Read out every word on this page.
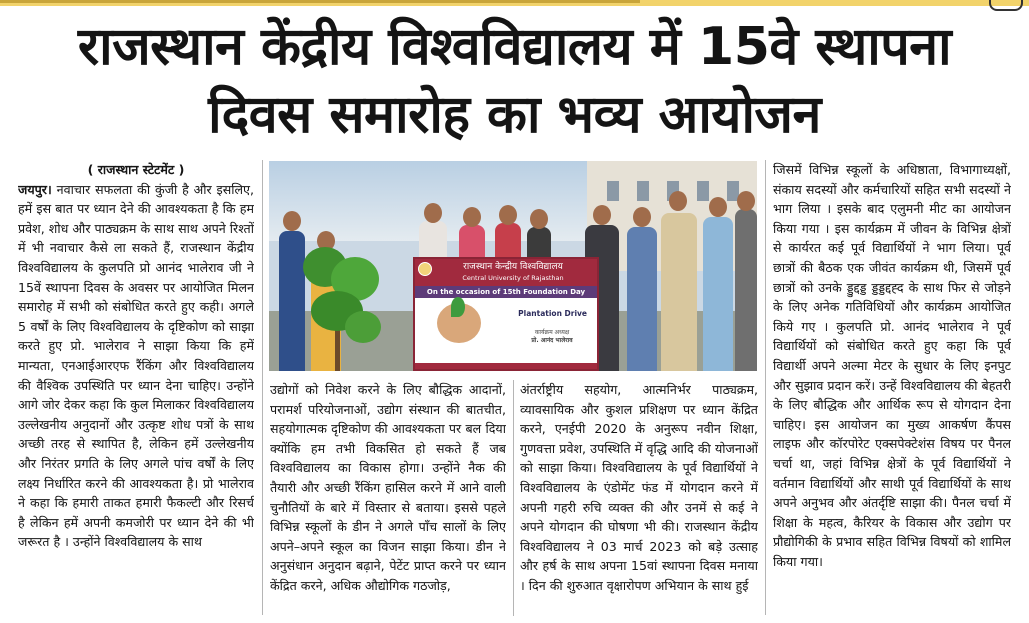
राजस्थान केंद्रीय विश्वविद्यालय में 15वे स्थापना
दिवस समारोह का भव्य आयोजन
( राजस्थान स्टेटमेंट )
जयपुर। नवाचार सफलता की कुंजी है और इसलिए, हमें इस बात पर ध्यान देने की आवश्यकता है कि हम प्रवेश, शोध और पाठ्यक्रम के साथ साथ अपने रिश्तों में भी नवाचार कैसे ला सकते हैं, राजस्थान केंद्रीय विश्वविद्यालय के कुलपति प्रो आनंद भालेराव जी ने 15वें स्थापना दिवस के अवसर पर आयोजित मिलन समारोह में सभी को संबोधित करते हुए कही। अगले 5 वर्षों के लिए विश्वविद्यालय के दृष्टिकोण को साझा करते हुए प्रो. भालेराव ने साझा किया कि हमें मान्यता, एनआईआरएफ रैंकिंग और विश्वविद्यालय की वैश्विक उपस्थिति पर ध्यान देना चाहिए। उन्होंने आगे जोर देकर कहा कि कुल मिलाकर विश्वविद्यालय उल्लेखनीय अनुदानों और उत्कृष्ट शोध पत्रों के साथ अच्छी तरह से स्थापित है, लेकिन हमें उल्लेखनीय और निरंतर प्रगति के लिए अगले पांच वर्षों के लिए लक्ष्य निर्धारित करने की आवश्यकता है। प्रो भालेराव ने कहा कि हमारी ताकत हमारी फैकल्टी और रिसर्च है लेकिन हमें अपनी कमजोरी पर ध्यान देने की भी जरूरत है । उन्होंने विश्वविद्यालय के साथ
राजस्थान केन्द्रीय विश्वविद्यालय
Central University of Rajasthan
On the occasion of 15th Foundation Day
Plantation Drive
कार्यक्रम अध्यक्ष
प्रो. आनंद भालेराव
उद्योगों को निवेश करने के लिए बौद्धिक आदानों, परामर्श परियोजनाओं, उद्योग संस्थान की बातचीत, सहयोगात्मक दृष्टिकोण की आवश्यकता पर बल दिया क्योंकि हम तभी विकसित हो सकते हैं जब विश्वविद्यालय का विकास होगा। उन्होंने नैक की तैयारी और अच्छी रैंकिंग हासिल करने में आने वाली चुनौतियों के बारे में विस्तार से बताया। इससे पहले विभिन्न स्कूलों के डीन ने अगले पाँच सालों के लिए अपने–अपने स्कूल का विजन साझा किया। डीन ने अनुसंधान अनुदान बढ़ाने, पेटेंट प्राप्त करने पर ध्यान केंद्रित करने, अधिक औद्योगिक गठजोड़,
अंतर्राष्ट्रीय सहयोग, आत्मनिर्भर पाठ्यक्रम, व्यावसायिक और कुशल प्रशिक्षण पर ध्यान केंद्रित करने, एनईपी 2020 के अनुरूप नवीन शिक्षा, गुणवत्ता प्रवेश, उपस्थिति में वृद्धि आदि की योजनाओं को साझा किया। विश्वविद्यालय के पूर्व विद्यार्थियों ने विश्वविद्यालय के एंडोमेंट फंड में योगदान करने में अपनी गहरी रुचि व्यक्त की और उनमें से कई ने अपने योगदान की घोषणा भी की। राजस्थान केंद्रीय विश्वविद्यालय ने 03 मार्च 2023 को बड़े उत्साह और हर्ष के साथ अपना 15वां स्थापना दिवस मनाया । दिन की शुरुआत वृक्षारोपण अभियान के साथ हुई
जिसमें विभिन्न स्कूलों के अधिष्ठाता, विभागाध्यक्षों, संकाय सदस्यों और कर्मचारियों सहित सभी सदस्यों ने भाग लिया । इसके बाद एलुमनी मीट का आयोजन किया गया । इस कार्यक्रम में जीवन के विभिन्न क्षेत्रों से कार्यरत कई पूर्व विद्यार्थियों ने भाग लिया। पूर्व छात्रों की बैठक एक जीवंत कार्यक्रम थी, जिसमें पूर्व छात्रों को उनके ड्डुद्दड्ड ड्डड्डद्दह्द के साथ फिर से जोड़ने के लिए अनेक गतिविधियों और कार्यक्रम आयोजित किये गए । कुलपति प्रो. आनंद भालेराव ने पूर्व विद्यार्थियों को संबोधित करते हुए कहा कि पूर्व विद्यार्थी अपने अल्मा मेटर के सुधार के लिए इनपुट और सुझाव प्रदान करें। उन्हें विश्वविद्यालय की बेहतरी के लिए बौद्धिक और आर्थिक रूप से योगदान देना चाहिए। इस आयोजन का मुख्य आकर्षण कैंपस लाइफ और कॉरपोरेट एक्सपेक्टेशंस विषय पर पैनल चर्चा था, जहां विभिन्न क्षेत्रों के पूर्व विद्यार्थियों ने वर्तमान विद्यार्थियों और साथी पूर्व विद्यार्थियों के साथ अपने अनुभव और अंतर्दृष्टि साझा की। पैनल चर्चा में शिक्षा के महत्व, कैरियर के विकास और उद्योग पर प्रौद्योगिकी के प्रभाव सहित विभिन्न विषयों को शामिल किया गया।
